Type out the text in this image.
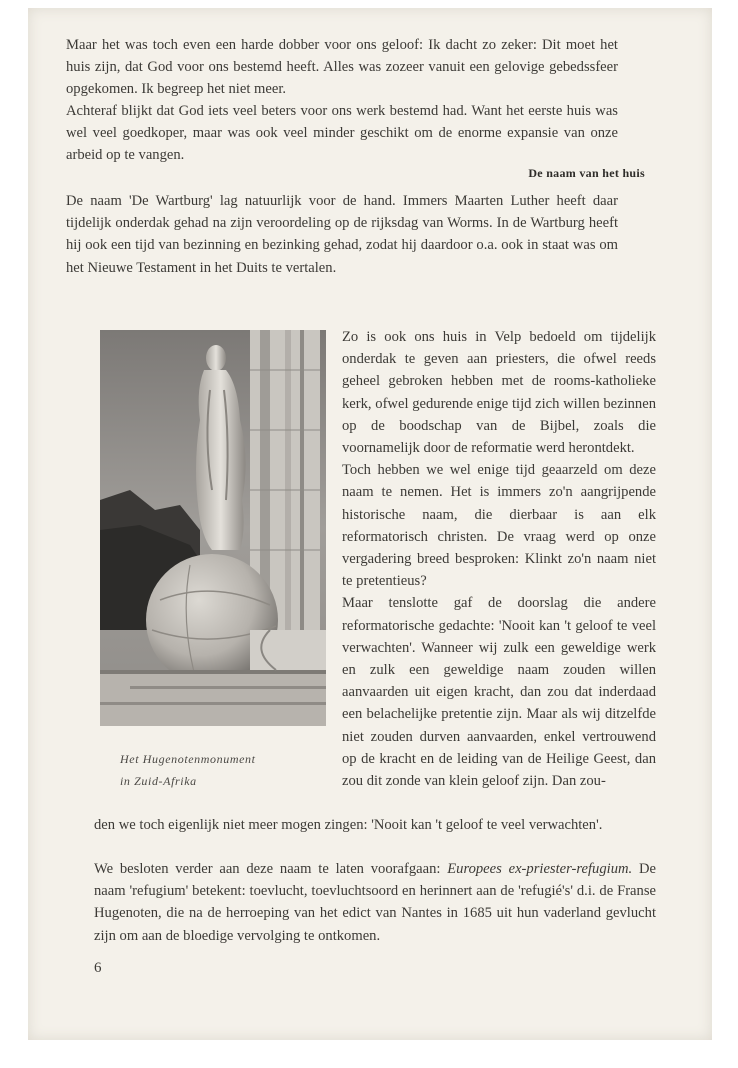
Maar het was toch even een harde dobber voor ons geloof: Ik dacht zo zeker: Dit moet het huis zijn, dat God voor ons bestemd heeft. Alles was zozeer vanuit een gelovige gebedssfeer opgekomen. Ik begreep het niet meer.

Achteraf blijkt dat God iets veel beters voor ons werk bestemd had. Want het eerste huis was wel veel goedkoper, maar was ook veel minder geschikt om de enorme expansie van onze arbeid op te vangen.

De naam van het huis

De naam 'De Wartburg' lag natuurlijk voor de hand. Immers Maarten Luther heeft daar tijdelijk onderdak gehad na zijn veroordeling op de rijksdag van Worms. In de Wartburg heeft hij ook een tijd van bezinning en bezinking gehad, zodat hij daardoor o.a. ook in staat was om het Nieuwe Testament in het Duits te vertalen.

Het Hugenotenmonument
in Zuid-Afrika

Zo is ook ons huis in Velp bedoeld om tijdelijk onderdak te geven aan priesters, die ofwel reeds geheel gebroken hebben met de rooms-katholieke kerk, ofwel gedurende enige tijd zich willen bezinnen op de boodschap van de Bijbel, zoals die voornamelijk door de reformatie werd herontdekt.

Toch hebben we wel enige tijd geaarzeld om deze naam te nemen. Het is immers zo'n aangrijpende historische naam, die dierbaar is aan elk reformatorisch christen. De vraag werd op onze vergadering breed besproken: Klinkt zo'n naam niet te pretentieus?

Maar tenslotte gaf de doorslag die andere reformatorische gedachte: 'Nooit kan 't geloof te veel verwachten'. Wanneer wij zulk een geweldige werk en zulk een geweldige naam zouden willen aanvaarden uit eigen kracht, dan zou dat inderdaad een belachelijke pretentie zijn. Maar als wij ditzelfde niet zouden durven aanvaarden, enkel vertrouwend op de kracht en de leiding van de Heilige Geest, dan zou dit zonde van klein geloof zijn. Dan zou-

den we toch eigenlijk niet meer mogen zingen: 'Nooit kan 't geloof te veel verwachten'.

We besloten verder aan deze naam te laten voorafgaan: Europees ex-priester-refugium. De naam 'refugium' betekent: toevlucht, toevluchtsoord en herinnert aan de 'refugié's' d.i. de Franse Hugenoten, die na de herroeping van het edict van Nantes in 1685 uit hun vaderland gevlucht zijn om aan de bloedige vervolging te ontkomen.

6
